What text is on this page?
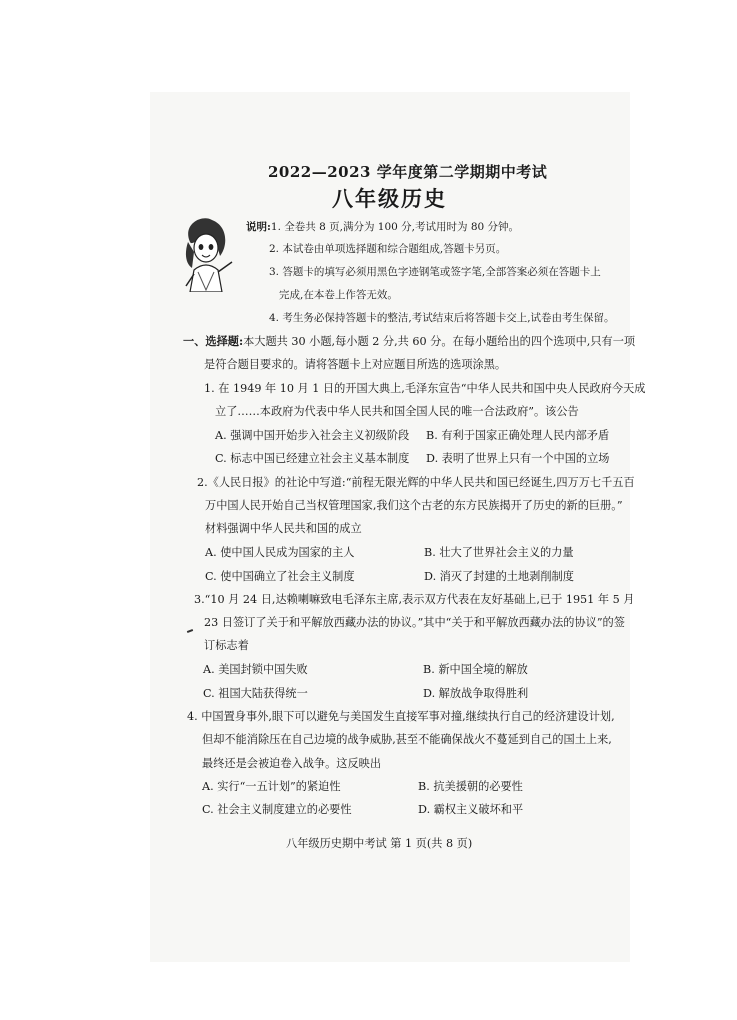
2022—2023 学年度第二学期期中考试
八年级历史
说明:1. 全卷共 8 页,满分为 100 分,考试用时为 80 分钟。
2. 本试卷由单项选择题和综合题组成,答题卡另页。
3. 答题卡的填写必须用黑色字迹钢笔或签字笔,全部答案必须在答题卡上
完成,在本卷上作答无效。
4. 考生务必保持答题卡的整洁,考试结束后将答题卡交上,试卷由考生保留。
一、选择题:本大题共 30 小题,每小题 2 分,共 60 分。在每小题给出的四个选项中,只有一项
是符合题目要求的。请将答题卡上对应题目所选的选项涂黑。
1. 在 1949 年 10 月 1 日的开国大典上,毛泽东宣告“中华人民共和国中央人民政府今天成
立了……本政府为代表中华人民共和国全国人民的唯一合法政府”。该公告
A. 强调中国开始步入社会主义初级阶段 B. 有利于国家正确处理人民内部矛盾
C. 标志中国已经建立社会主义基本制度 D. 表明了世界上只有一个中国的立场
2.《人民日报》的社论中写道:“前程无限光辉的中华人民共和国已经诞生,四万万七千五百
万中国人民开始自己当权管理国家,我们这个古老的东方民族揭开了历史的新的巨册。”
材料强调中华人民共和国的成立
A. 使中国人民成为国家的主人	B. 壮大了世界社会主义的力量
C. 使中国确立了社会主义制度	D. 消灭了封建的土地剥削制度
3.“10 月 24 日,达赖喇嘛致电毛泽东主席,表示双方代表在友好基础上,已于 1951 年 5 月
23 日签订了关于和平解放西藏办法的协议。”其中“关于和平解放西藏办法的协议”的签
订标志着
A. 美国封锁中国失败	B. 新中国全境的解放
C. 祖国大陆获得统一	D. 解放战争取得胜利
4. 中国置身事外,眼下可以避免与美国发生直接军事对撞,继续执行自己的经济建设计划,
但却不能消除压在自己边境的战争威胁,甚至不能确保战火不蔓延到自己的国土上来,
最终还是会被迫卷入战争。这反映出
A. 实行“一五计划”的紧迫性	B. 抗美援朝的必要性
C. 社会主义制度建立的必要性	D. 霸权主义破坏和平
八年级历史期中考试 第 1 页(共 8 页)
